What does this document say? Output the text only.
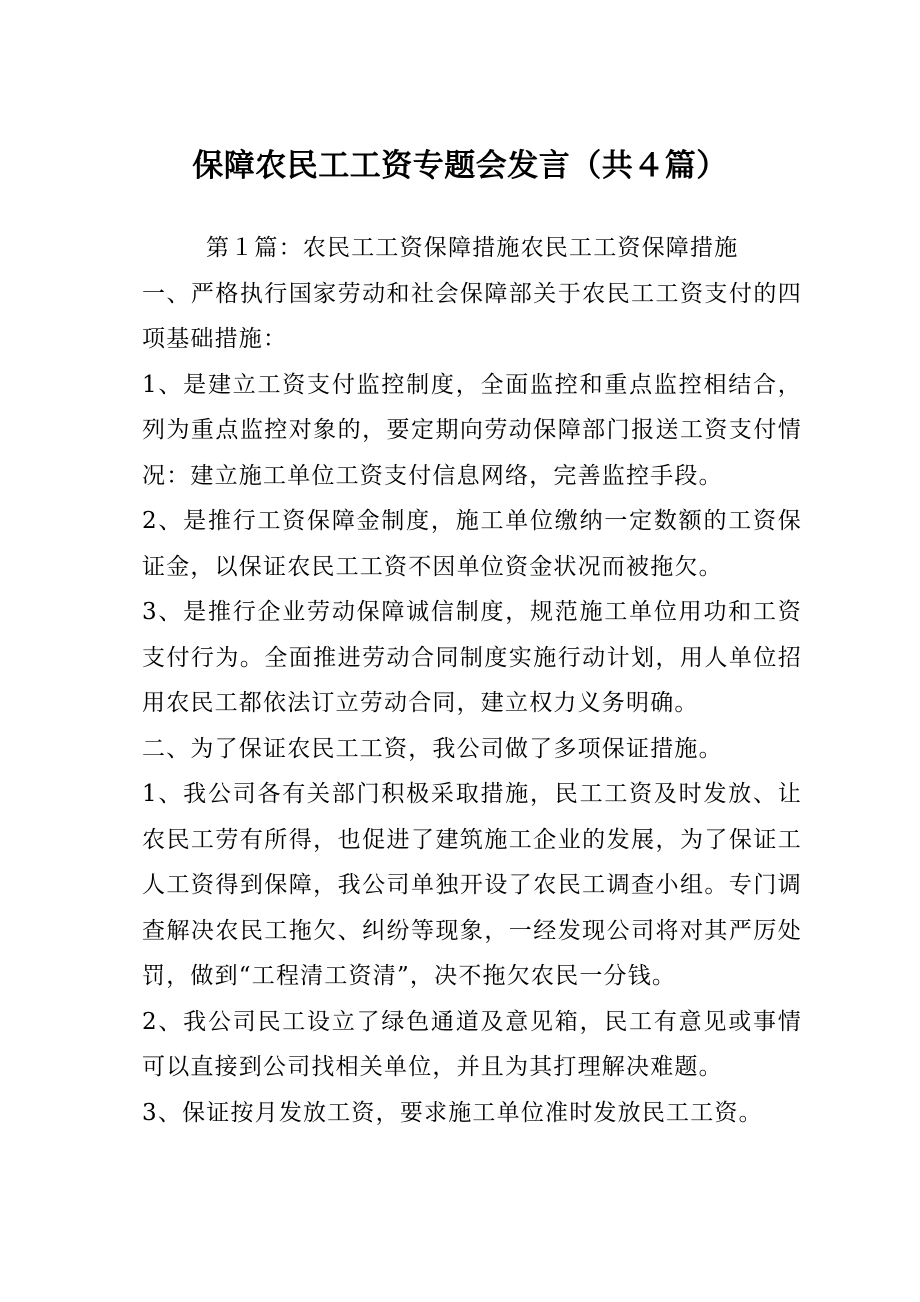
保障农民工工资专题会发言（共４篇）

第１篇：农民工工资保障措施农民工工资保障措施

一、严格执行国家劳动和社会保障部关于农民工工资支付的四项基础措施：

1、是建立工资支付监控制度，全面监控和重点监控相结合，列为重点监控对象的，要定期向劳动保障部门报送工资支付情况：建立施工单位工资支付信息网络，完善监控手段。

2、是推行工资保障金制度，施工单位缴纳一定数额的工资保证金，以保证农民工工资不因单位资金状况而被拖欠。

3、是推行企业劳动保障诚信制度，规范施工单位用功和工资支付行为。全面推进劳动合同制度实施行动计划，用人单位招用农民工都依法订立劳动合同，建立权力义务明确。

二、为了保证农民工工资，我公司做了多项保证措施。

1、我公司各有关部门积极采取措施，民工工资及时发放、让农民工劳有所得，也促进了建筑施工企业的发展，为了保证工人工资得到保障，我公司单独开设了农民工调查小组。专门调查解决农民工拖欠、纠纷等现象，一经发现公司将对其严厉处罚，做到“工程清工资清”，决不拖欠农民一分钱。

2、我公司民工设立了绿色通道及意见箱，民工有意见或事情可以直接到公司找相关单位，并且为其打理解决难题。

3、保证按月发放工资，要求施工单位准时发放民工工资。
